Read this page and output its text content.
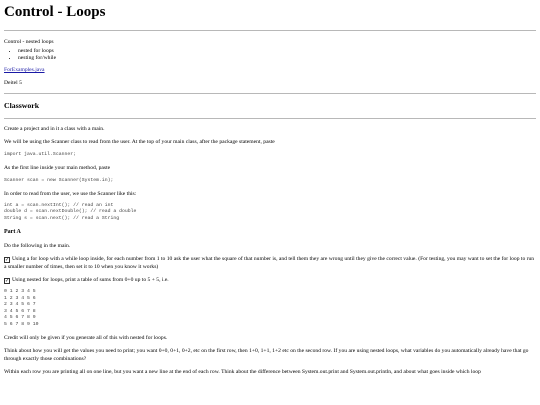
Control - Loops

Control - nested loops

• nested for loops
• nesting for/while

ForExamples.java

Deitel 5

Classwork

Create a project and in it a class with a main.

We will be using the Scanner class to read from the user. At the top of your main class, after the package statement, paste

import java.util.Scanner;

As the first line inside your main method, paste

Scanner scan = new Scanner(System.in);

In order to read from the user, we use the Scanner like this:

int a = scan.nextInt(); // read an int
double d = scan.nextDouble(); // read a double
String s = scan.next(); // read a String
Part A

Do the following in the main.

✓ Using a for loop with a while loop inside, for each number from 1 to 10 ask the user what the square of that number is, and tell them they are wrong until they give the correct value. (For testing, you may want to set the for loop to run a smaller number of times, then set it to 10 when you know it works)

✓ Using nested for loops, print a table of sums from 0+0 up to 5 + 5, i.e.

0 1 2 3 4 5
1 2 3 4 5 6
2 3 4 5 6 7
3 4 5 6 7 8
4 5 6 7 8 9
5 6 7 8 9 10

Credit will only be given if you generate all of this with nested for loops.

Think about how you will get the values you need to print; you want 0+0, 0+1, 0+2, etc on the first row, then 1+0, 1+1, 1+2 etc on the second row. If you are using nested loops, what variables do you automatically already have that go through exactly those combinations?

Within each row you are printing all on one line, but you want a new line at the end of each row. Think about the difference between System.out.print and System.out.println, and about what goes inside which loop
